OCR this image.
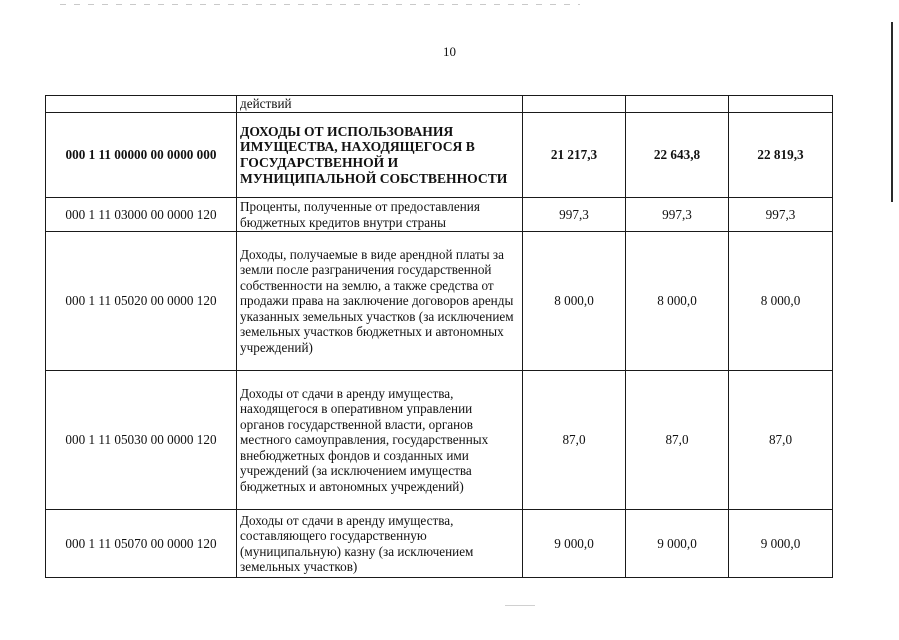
10
	действий			
000 1 11 00000 00 0000 000	ДОХОДЫ ОТ ИСПОЛЬЗОВАНИЯ ИМУЩЕСТВА, НАХОДЯЩЕГОСЯ В ГОСУДАРСТВЕННОЙ И МУНИЦИПАЛЬНОЙ СОБСТВЕННОСТИ	21 217,3	22 643,8	22 819,3
000 1 11 03000 00 0000 120	Проценты, полученные от предоставления бюджетных кредитов внутри страны	997,3	997,3	997,3
000 1 11 05020 00 0000 120	Доходы, получаемые в виде арендной платы за земли после разграничения государственной собственности на землю, а также средства от продажи права на заключение договоров аренды указанных земельных участков (за исключением земельных участков бюджетных и автономных учреждений)	8 000,0	8 000,0	8 000,0
000 1 11 05030 00 0000 120	Доходы от сдачи в аренду имущества, находящегося в оперативном управлении органов государственной власти, органов местного самоуправления, государственных внебюджетных фондов и созданных ими учреждений (за исключением имущества бюджетных и автономных учреждений)	87,0	87,0	87,0
000 1 11 05070 00 0000 120	Доходы от сдачи в аренду имущества, составляющего государственную (муниципальную) казну (за исключением земельных участков)	9 000,0	9 000,0	9 000,0
